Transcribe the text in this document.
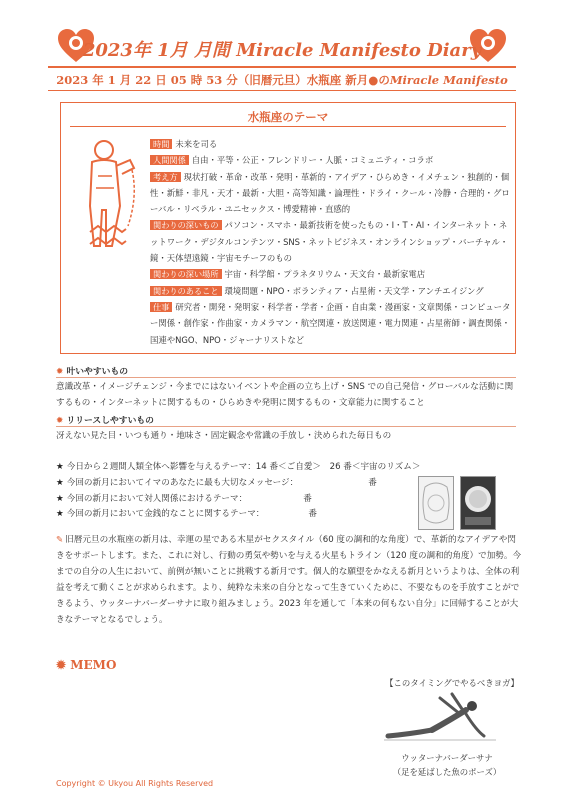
2023年 1月 月間 Miracle Manifesto Diary
2023 年 1 月 22 日 05 時 53 分（旧暦元旦）水瓶座 新月●のMiracle Manifesto
水瓶座のテーマ
時間 未来を司る
人間関係 自由・平等・公正・フレンドリー・人脈・コミュニティ・コラボ
考え方 現状打破・革命・改革・発明・革新的・アイデア・ひらめき・イメチェン・独創的・個性・新鮮・非凡・天才・最新・大胆・高等知識・論理性・ドライ・クール・冷静・合理的・グローバル・リベラル・ユニセックス・博愛精神・直感的
関わりの深いもの パソコン・スマホ・最新技術を使ったもの・I・T・AI・インターネット・ネットワーク・デジタルコンテンツ・SNS・ネットビジネス・オンラインショップ・バーチャル・鏡・天体望遠鏡・宇宙モチーフのもの
関わりの深い場所 宇宙・科学館・プラネタリウム・天文台・最新家電店
関わりのあること 環境問題・NPO・ボランティア・占星術・天文学・アンチエイジング
仕事 研究者・開発・発明家・科学者・学者・企画・自由業・漫画家・文章関係・コンピューター関係・創作家・作曲家・カメラマン・航空関連・放送関連・電力関連・占星術師・調査関係・国連やNGO、NPO・ジャーナリストなど
✹ 叶いやすいもの
意識改革・イメージチェンジ・今までにはないイベントや企画の立ち上げ・SNS での自己発信・グローバルな活動に関するもの・インターネットに関するもの・ひらめきや発明に関するもの・文章能力に関すること
✹ リリースしやすいもの
冴えない見た目・いつも通り・地味さ・固定観念や常識の手放し・決められた毎日もの
★ 今日から２週間人類全体へ影響を与えるテーマ：14 番＜ご自愛＞　26 番＜宇宙のリズム＞
★ 今回の新月においてイマのあなたに最も大切なメッセージ：	番
★ 今回の新月において対人関係におけるテーマ：	番
★ 今回の新月において金銭的なことに関するテーマ：	番
✎ 旧暦元旦の水瓶座の新月は、幸運の星である木星がセクスタイル（60 度の調和的な角度）で、革新的なアイデアや閃きをサポートします。また、これに対し、行動の勇気や勢いを与える火星もトライン（120 度の調和的角度）で加勢。今までの自分の人生において、前例が無いことに挑戦する新月です。個人的な願望をかなえる新月というよりは、全体の利益を考えて動くことが求められます。より、純粋な未来の自分となって生きていくために、不要なものを手放すことができるよう、ウッターナバーダーサナに取り組みましょう。2023 年を通して「本来の何もない自分」に回帰することが大きなテーマとなるでしょう。
✹ MEMO
【このタイミングでやるべきヨガ】
ウッターナバーダーサナ
（足を延ばした魚のポーズ）
Copyright © Ukyou All Rights Reserved
